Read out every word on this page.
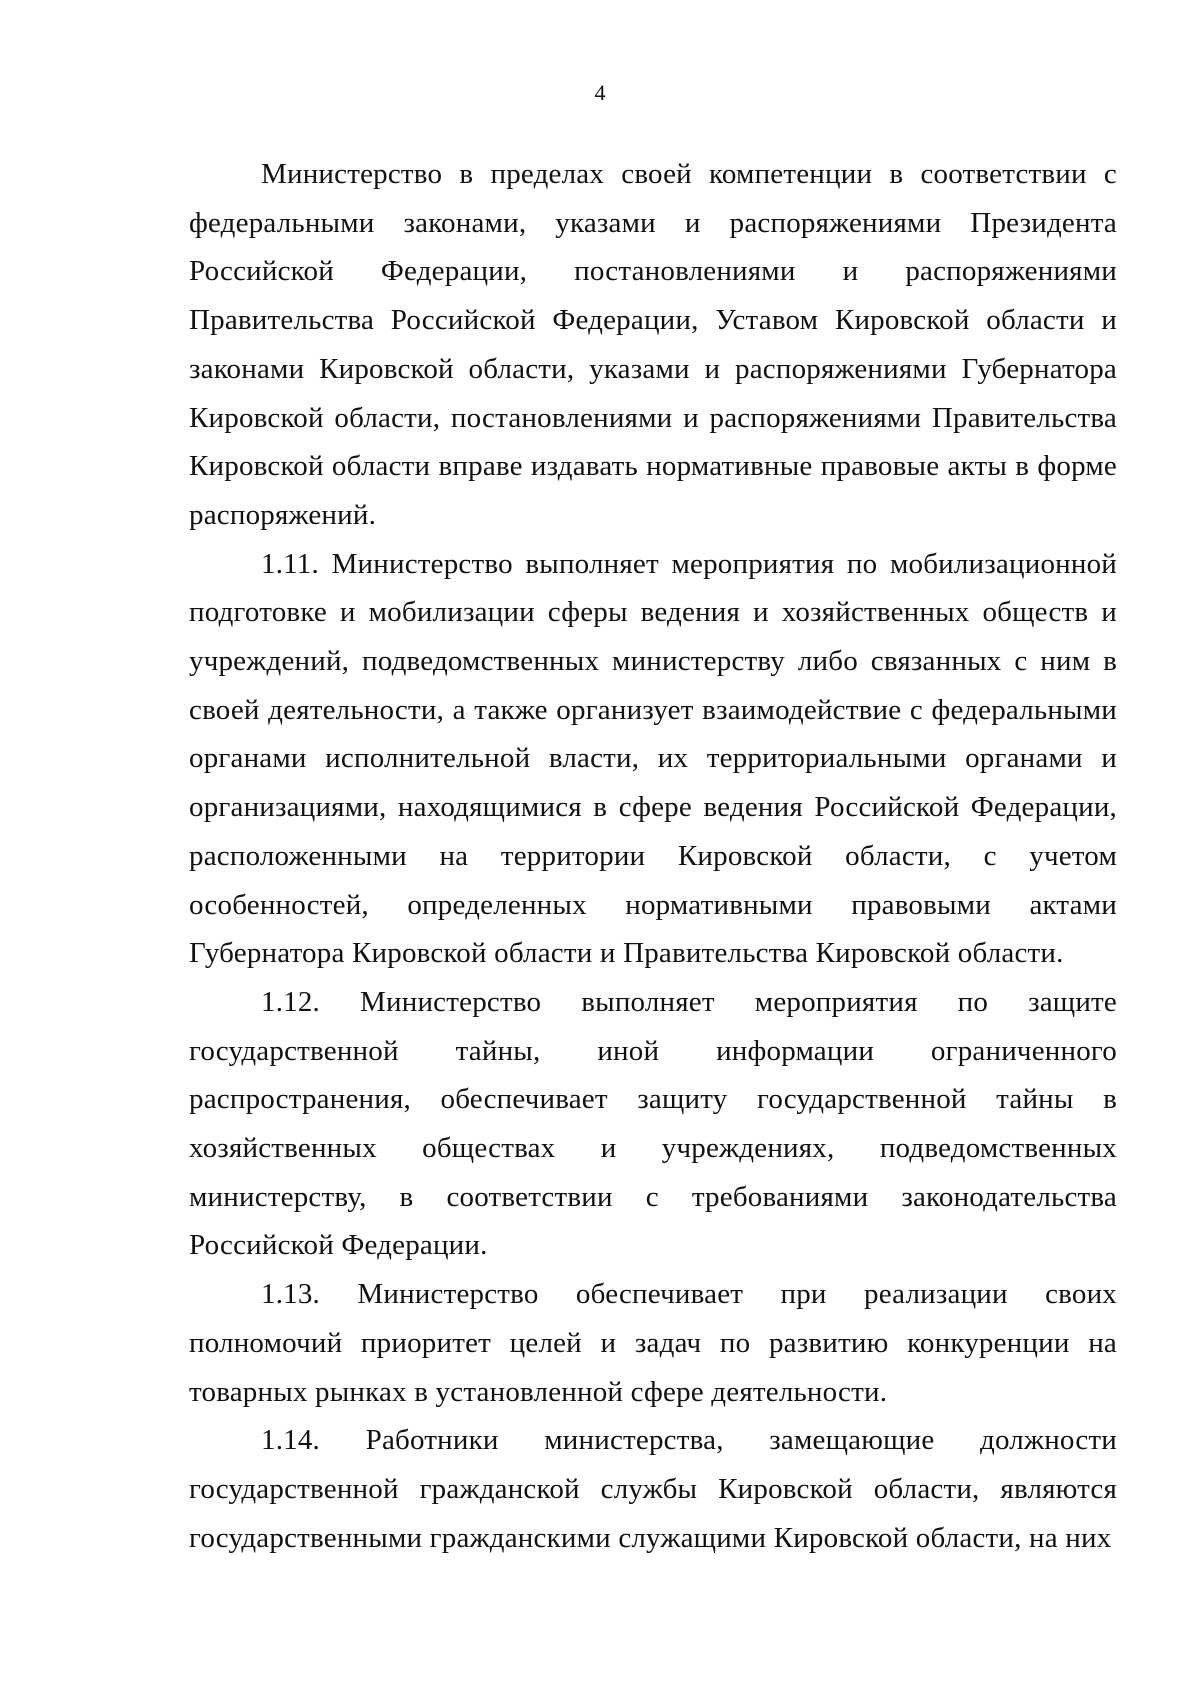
4

Министерство в пределах своей компетенции в соответствии с федеральными законами, указами и распоряжениями Президента Российской Федерации, постановлениями и распоряжениями Правительства Российской Федерации, Уставом Кировской области и законами Кировской области, указами и распоряжениями Губернатора Кировской области, постановлениями и распоряжениями Правительства Кировской области вправе издавать нормативные правовые акты в форме распоряжений.

1.11. Министерство выполняет мероприятия по мобилизационной подготовке и мобилизации сферы ведения и хозяйственных обществ и учреждений, подведомственных министерству либо связанных с ним в своей деятельности, а также организует взаимодействие с федеральными органами исполнительной власти, их территориальными органами и организациями, находящимися в сфере ведения Российской Федерации, расположенными на территории Кировской области, с учетом особенностей, определенных нормативными правовыми актами Губернатора Кировской области и Правительства Кировской области.

1.12. Министерство выполняет мероприятия по защите государственной тайны, иной информации ограниченного распространения, обеспечивает защиту государственной тайны в хозяйственных обществах и учреждениях, подведомственных министерству, в соответствии с требованиями законодательства Российской Федерации.

1.13. Министерство обеспечивает при реализации своих полномочий приоритет целей и задач по развитию конкуренции на товарных рынках в установленной сфере деятельности.

1.14. Работники министерства, замещающие должности государственной гражданской службы Кировской области, являются государственными гражданскими служащими Кировской области, на них
